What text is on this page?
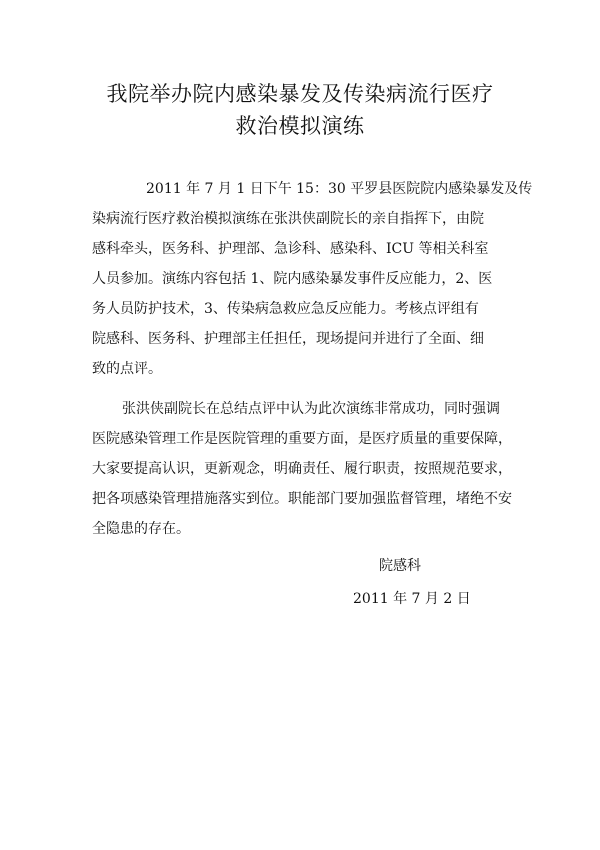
我院举办院内感染暴发及传染病流行医疗
救治模拟演练
2011 年 7 月 1 日下午 15：30 平罗县医院院内感染暴发及传
染病流行医疗救治模拟演练在张洪侠副院长的亲自指挥下，由院
感科牵头，医务科、护理部、急诊科、感染科、ICU 等相关科室
人员参加。演练内容包括 1、院内感染暴发事件反应能力，2、医
务人员防护技术，3、传染病急救应急反应能力。考核点评组有
院感科、医务科、护理部主任担任，现场提问并进行了全面、细
致的点评。
张洪侠副院长在总结点评中认为此次演练非常成功，同时强调
医院感染管理工作是医院管理的重要方面，是医疗质量的重要保障，
大家要提高认识，更新观念，明确责任、履行职责，按照规范要求，
把各项感染管理措施落实到位。职能部门要加强监督管理，堵绝不安
全隐患的存在。
院感科
2011 年 7 月 2 日
